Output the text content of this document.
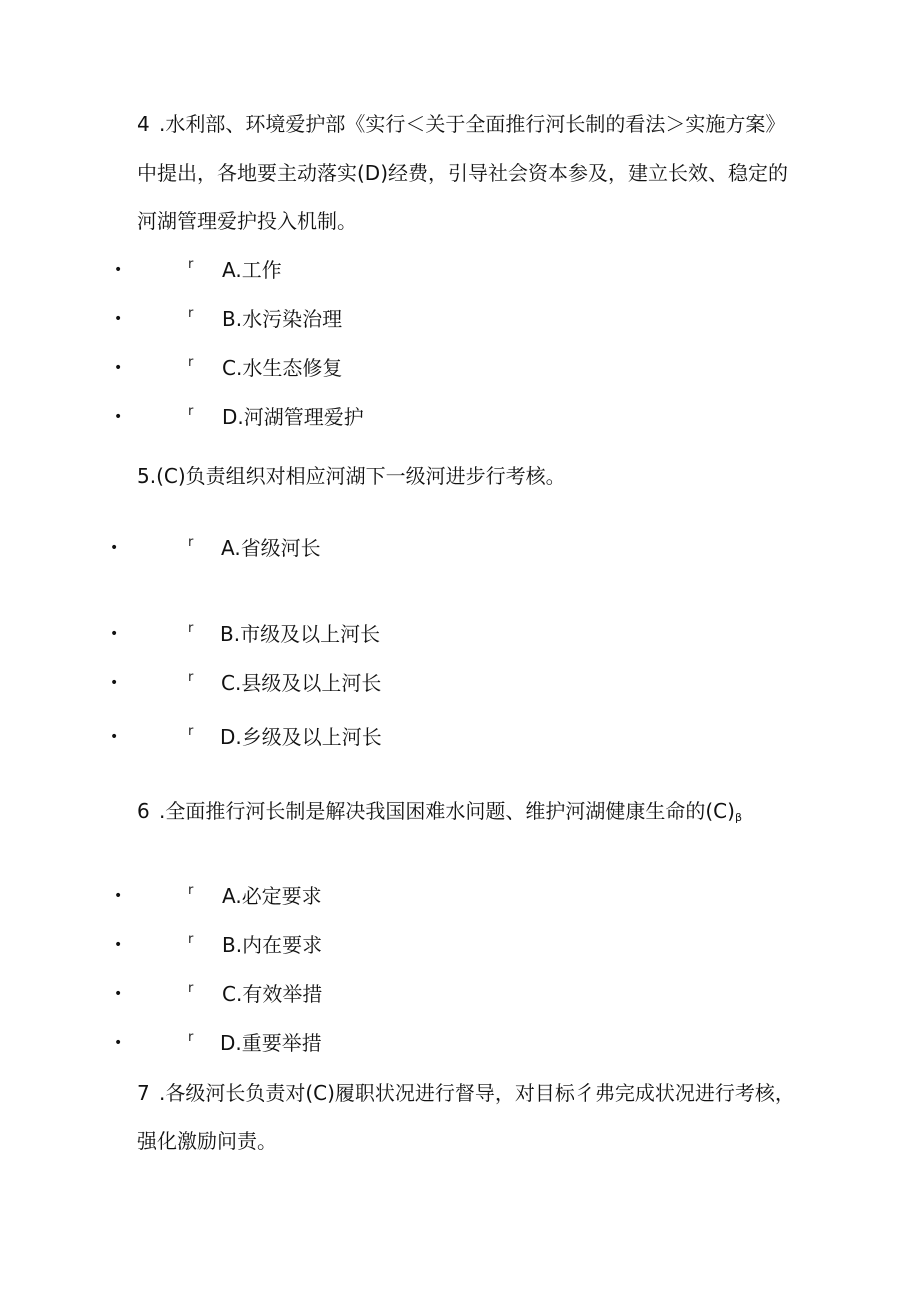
4 .水利部、环境爱护部《实行＜关于全面推行河长制的看法＞实施方案》
中提出，各地要主动落实(D)经费，引导社会资本参及，建立长效、稳定的
河湖管理爱护投入机制。
•	r A.工作
•	r B.水污染治理
•	r C.水生态修复
•	r D.河湖管理爱护
5.(C)负责组织对相应河湖下一级河进步行考核。
•	r A.省级河长
•	r B.市级及以上河长
•	r C.县级及以上河长
•	r D.乡级及以上河长
6 .全面推行河长制是解决我国困难水问题、维护河湖健康生命的(C)β
•	r A.必定要求
•	r B.内在要求
•	r C.有效举措
•	r D.重要举措
7 .各级河长负责对(C)履职状况进行督导，对目标彳弗完成状况进行考核，
强化激励问责。
